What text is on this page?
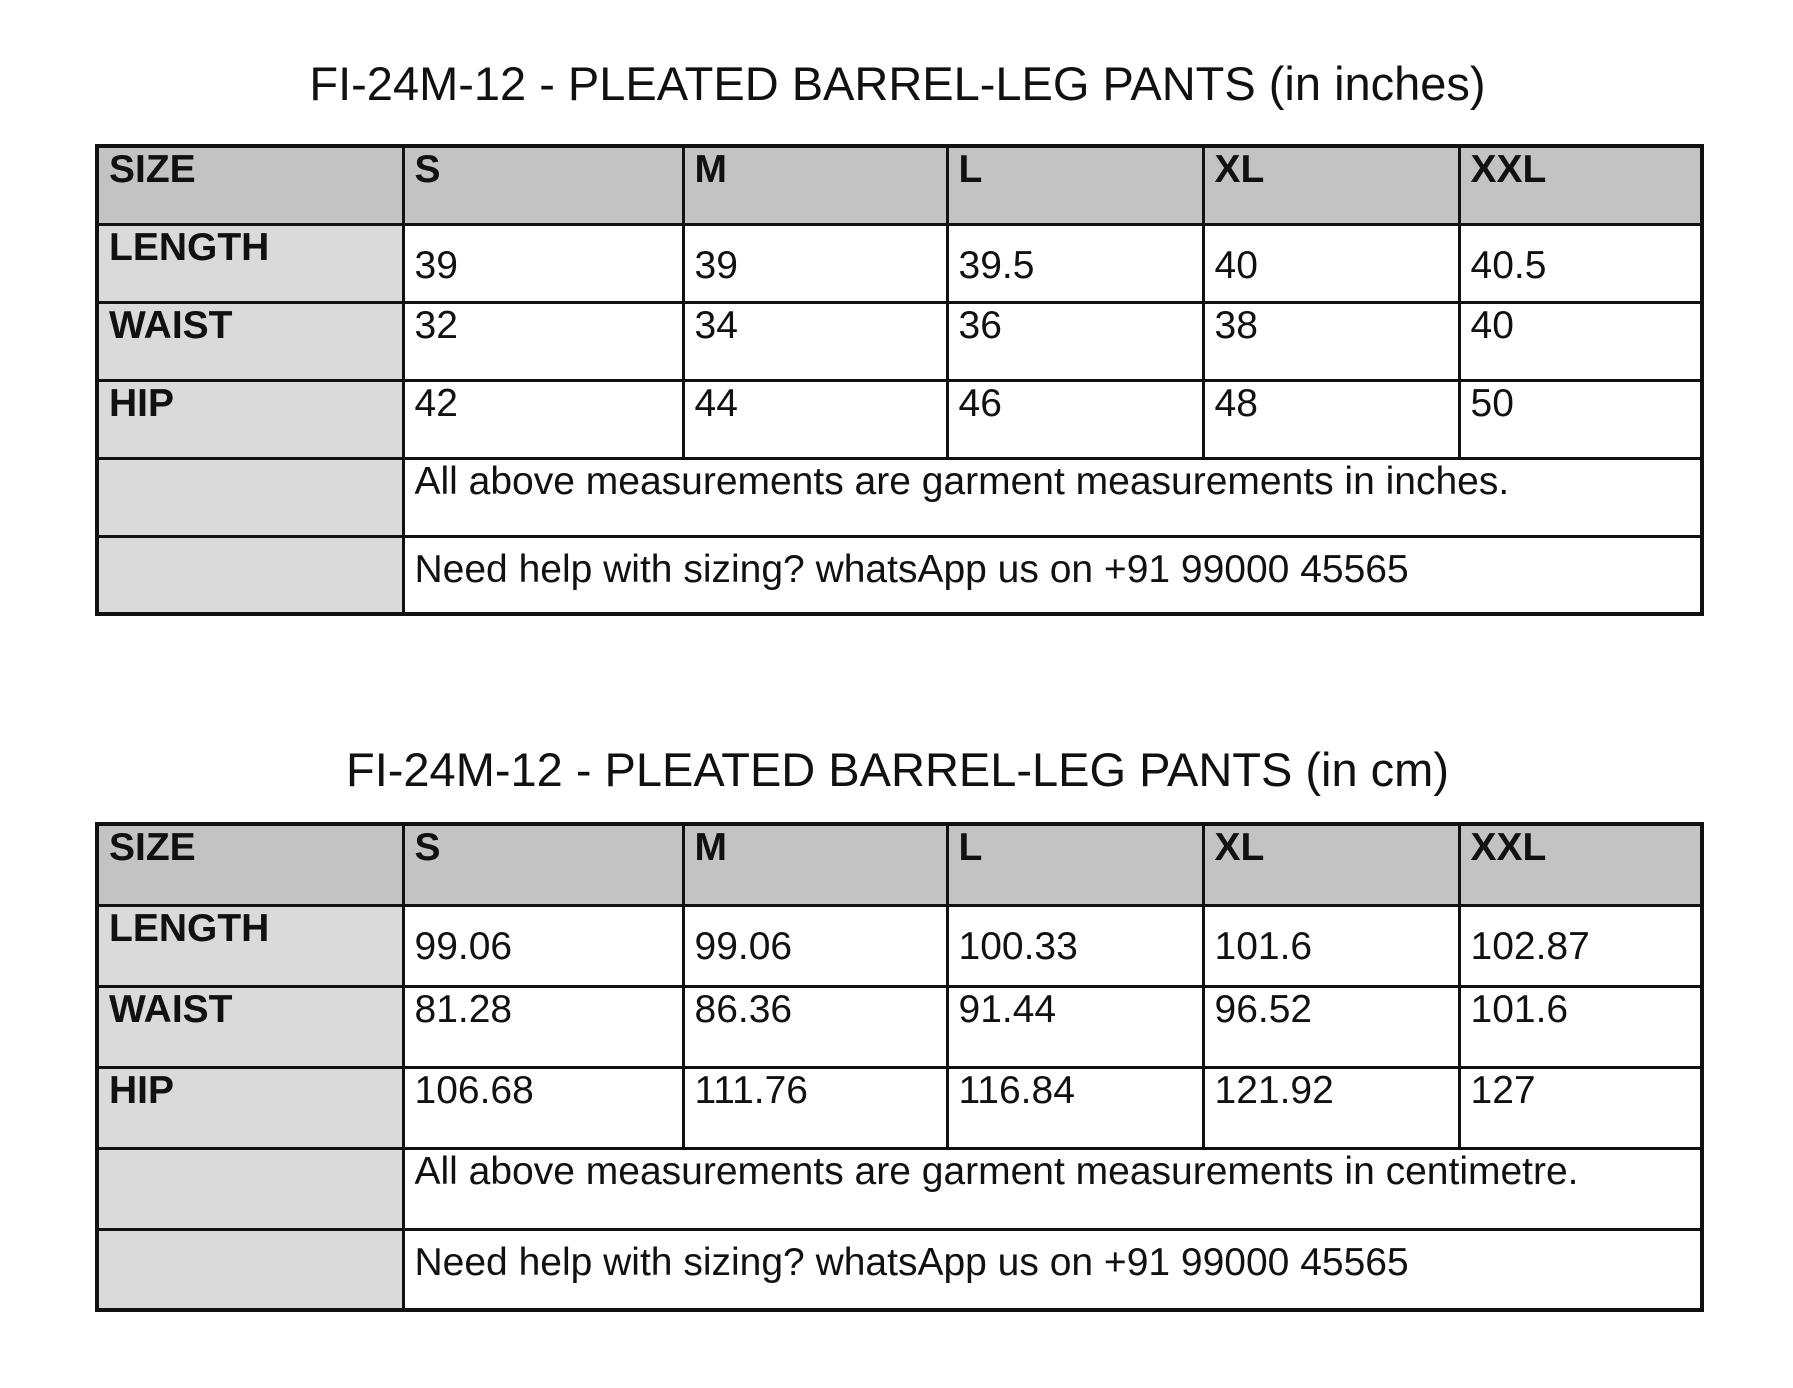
FI-24M-12 - PLEATED BARREL-LEG PANTS (in inches)
SIZE	S	M	L	XL	XXL
LENGTH	39	39	39.5	40	40.5
WAIST	32	34	36	38	40
HIP	42	44	46	48	50
	All above measurements are garment measurements in inches.				
	Need help with sizing? whatsApp us on +91 99000 45565				
FI-24M-12 - PLEATED BARREL-LEG PANTS (in cm)
SIZE	S	M	L	XL	XXL
LENGTH	99.06	99.06	100.33	101.6	102.87
WAIST	81.28	86.36	91.44	96.52	101.6
HIP	106.68	111.76	116.84	121.92	127
	All above measurements are garment measurements in centimetre.				
	Need help with sizing? whatsApp us on +91 99000 45565				
